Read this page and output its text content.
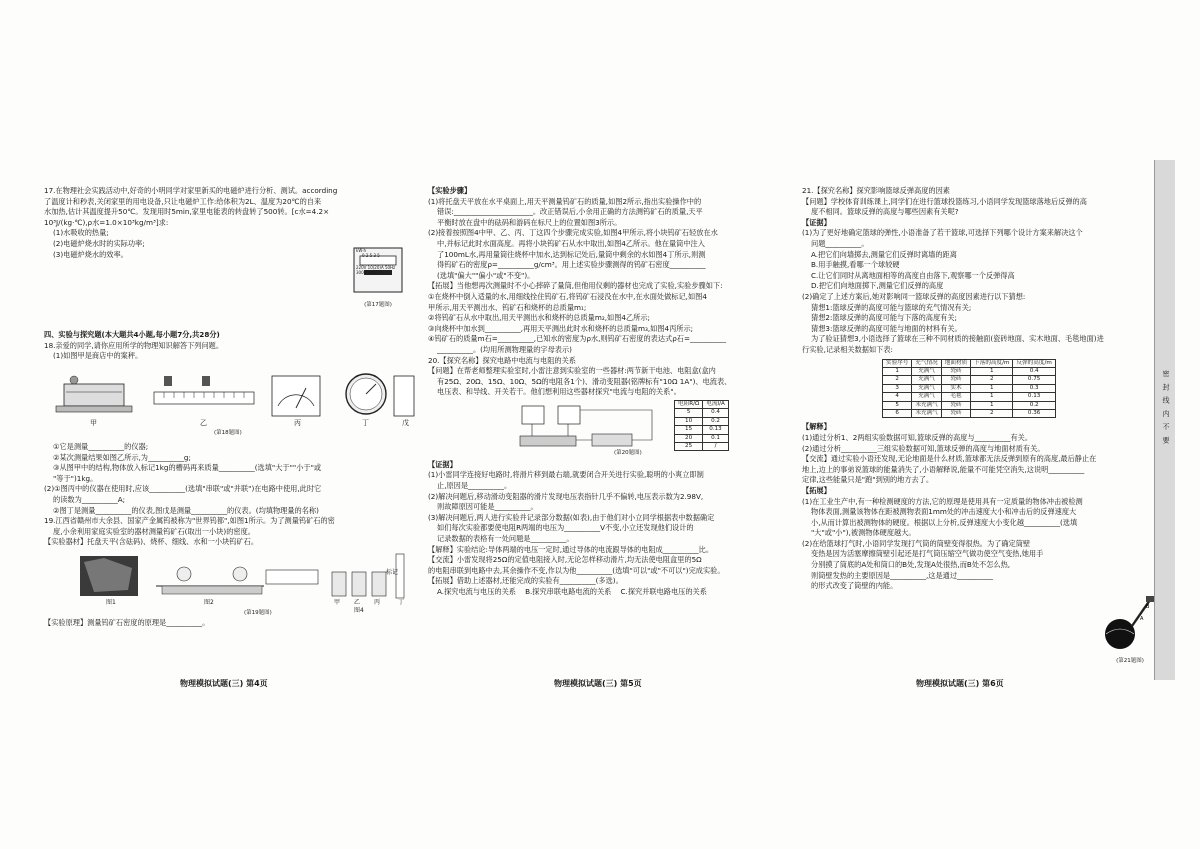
17.在物理社会实践活动中,好奇的小明同学对家里新买的电磁炉进行分析、测试。according

了温度计和秒表,关闭家里的用电设备,只让电磁炉工作:给体积为2L、温度为20℃的自来

水加热,估计其温度提升50℃。发现用时5min,家里电能表的转盘转了500转。[c水=4.2×

10³J/(kg·℃),ρ水=1.0×10³kg/m³]求:

(1)水吸收的热量;

(2)电磁炉烧水时的实际功率;

(3)电磁炉烧水的效率。	kW·h
0 2 5 3 5
220V 10(20)A 50Hz
3000r/(kW·h)
(第17题图)

四、实验与探究题(本大题共4小题,每小题7分,共28分)

18.亲爱的同学,请你应用所学的物理知识解答下列问题。

(1)如图甲是商店中的案秤。

甲	乙	丙	丁	戊
(第18题图)

①它是测量__________的仪器;

②某次测量结果如图乙所示,为__________g;

③从图甲中的结构,物体放入标记1kg的槽码再来质量__________(选填"大于""小于"或

"等于")1kg。

(2)①图丙中的仪器在使用时,应该__________(选填"串联"或"并联")在电路中使用,此时它

的读数为__________A;

②图丁是测量__________的仪表,图戊是测量__________的仪表。(均填物理量的名称)

19.江西省赣州市大余县、国家产金属钨被称为"世界钨都",如图1所示。为了测量钨矿石的密

度,小余利用家庭实验室的器材测量钨矿石(取出一小块)的密度。

【实验器材】托盘天平(含砝码)、烧杯、细线、水和一小块钨矿石。

图1	图2	甲 乙 丙	丁
图4
标记
(第19题图)

【实验原理】测量钨矿石密度的原理是__________。

【实验步骤】

(1)将托盘天平放在水平桌面上,用天平测量钨矿石的质量,如图2所示,指出实验操作中的

错误:______________________。改正错误后,小余用正确的方法测钨矿石的质量,天平

平衡时放在盘中的砝码和游码在标尺上的位置如图3所示。

(2)接着按照图4中甲、乙、丙、丁这四个步骤完成实验,如图4甲所示,将小块钨矿石轻放在水

中,并标记此时水面高度。再将小块钨矿石从水中取出,如图4乙所示。他在量筒中注入

了100mL水,再用量筒往烧杯中加水,达到标记处后,量筒中剩余的水如图4丁所示,则测

得钨矿石的密度ρ=__________g/cm³。用上述实验步骤测得的钨矿石密度__________

(选填"偏大""偏小"或"不变")。

【拓展】当他想再次测量时不小心摔碎了量筒,但他用仪剩的器材也完成了实验,实验步骤如下:

①在烧杯中倒入适量的水,用细线拴住钨矿石,将钨矿石浸没在水中,在水面处做标记,如图4

甲所示,用天平测出水、钨矿石和烧杯的总质量m₁;

②将钨矿石从水中取出,用天平测出水和烧杯的总质量m₂,如图4乙所示;

③向烧杯中加水到__________,再用天平测出此时水和烧杯的总质量m₃,如图4丙所示;

④钨矿石的质量m石=__________,已知水的密度为ρ水,则钨矿石密度的表达式ρ石=__________

__________。(均用所测物理量的字母表示)

20.【探究名称】探究电路中电流与电阻的关系

【问题】在帮老师整理实验室时,小雷注意到实验室的一些器材:两节新干电池、电阻盒(盒内

有25Ω、20Ω、15Ω、10Ω、5Ω的电阻各1个)、滑动变阻器(铭牌标有"10Ω 1A")、电流表、

电压表、和导线、开关若干。他们想利用这些器材探究"电流与电阻的关系"。

电阻R/Ω	电流I/A
5	0.4
10	0.2
15	0.13
20	0.1
25	/
(第20题图)

【证据】

(1)小雷同学连接好电路时,将滑片移到最右端,就要闭合开关进行实验,聪明的小爽立即制

止,原因是__________。

(2)解决问题后,移动滑动变阻器的滑片发现电压表指针几乎不偏转,电压表示数为2.98V,

则故障原因可能是__________。

(3)解决问题后,两人进行实验并记录部分数据(如表),由于他们对小立同学根据表中数据确定

如们每次实验都要使电阻R两端的电压为__________V不变,小立还发现他们设计的

记录数据的表格有一处问题是__________。

【解释】实验结论:导体两端的电压一定时,通过导体的电流跟导体的电阻成__________比。

【交流】小雷发现将25Ω的定值电阻接入时,无论怎样移动滑片,均无法使电阻盒里的5Ω

的电阻串联到电路中去,其余操作不变,作以为他__________(选填"可以"或"不可以")完成实验。

【拓展】借助上述器材,还能完成的实验有__________(多选)。

A.探究电流与电压的关系 B.探究串联电路电流的关系 C.探究并联电路电压的关系

21.【探究名称】探究影响篮球反弹高度的因素

【问题】学校体育训练课上,同学们在进行篮球投篮练习,小语同学发现篮球落地后反弹的高

度不相同。篮球反弹的高度与哪些因素有关呢?

【证据】

(1)为了更好地确定篮球的弹性,小语准备了若干篮球,可选择下列哪个设计方案来解决这个

问题__________。

A.把它们向墙掷去,测量它们反弹时离墙的距离

B.用手触摸,看哪一个球较硬

C.让它们同时从离地面相等的高度自由落下,观察哪一个反弹得高

D.把它们向地面掷下,测量它们反弹的高度

(2)确定了上述方案后,她对影响同一篮球反弹的高度因素进行以下猜想:

猜想1:篮球反弹的高度可能与篮球的充气情况有关;

猜想2:篮球反弹的高度可能与下落的高度有关;

猜想3:篮球反弹的高度可能与地面的材料有关。

为了验证猜想3,小语选择了篮球在三种不同材质的接触面(瓷砖地面、实木地面、毛毯地面)进

行实验,记录相关数据如下表:

实验序号	充气情况	地面材质	下落的高度/m	反弹的高度/m
1	充满气	瓷砖	1	0.4
2	充满气	瓷砖	2	0.75
3	充满气	实木	1	0.3
4	充满气	毛毯	1	0.13
5	未充满气	瓷砖	1	0.2
6	未充满气	瓷砖	2	0.36

【解释】

(1)通过分析1、2两组实验数据可知,篮球反弹的高度与__________有关。

(2)通过分析__________三组实验数据可知,篮球反弹的高度与地面材质有关。

【交流】通过实验小语还发现,无论地面是什么材质,篮球都无法反弹到原有的高度,最后静止在

地上,边上的事弟说篮球的能量消失了,小语解释说,能量不可能凭空消失,这说明__________

定律,这些能量只是"跑"到别的地方去了。

【拓展】

(1)在工业生产中,有一种检测硬度的方法,它的原理是使用具有一定质量的物体冲击被检测

物体表面,测量该物体在距被测物表面1mm处的冲击速度大小和冲击后的反弹速度大

小,从而计算出被测物体的硬度。根据以上分析,反弹速度大小变化越__________(选填

"大"或"小"),被测物体硬度越大。

(2)在给篮球打气时,小语同学发现打气筒的筒壁变得很热。为了确定筒壁

变热是因为活塞摩擦筒壁引起还是打气筒压缩空气做功使空气变热,她用手

分别摸了筒底的A处和筒口的B处,发现A处很热,而B处不怎么热,

则筒壁发热的主要原因是__________,这是通过__________

的形式改变了筒壁的内能。

A
B
(第21题图)
物理模拟试题(三) 第4页	物理模拟试题(三) 第5页	物理模拟试题(三) 第6页
密 封 线 内 不 要
